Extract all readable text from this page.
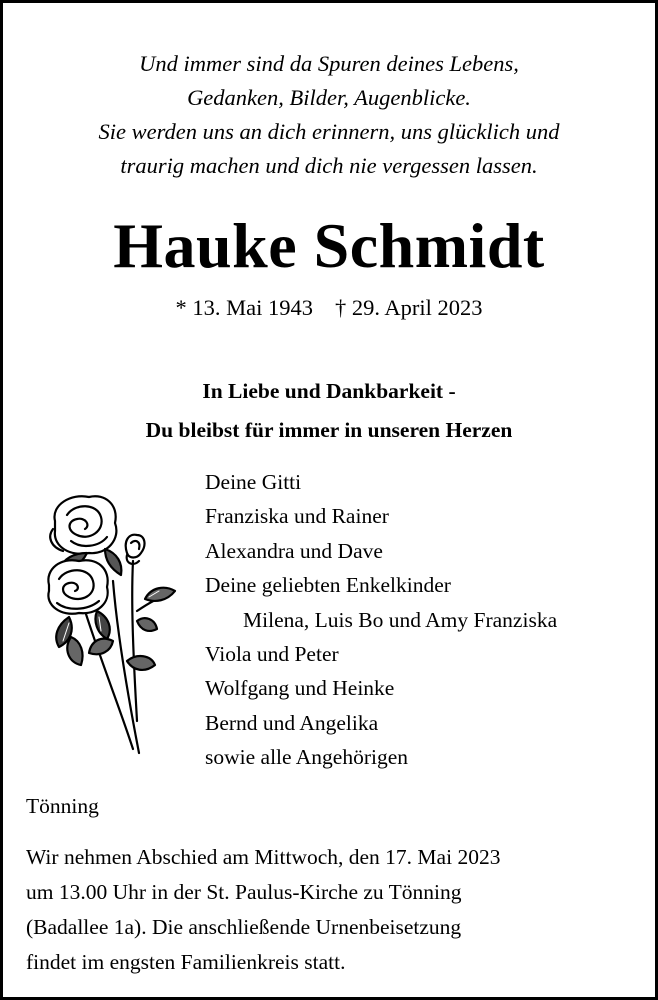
Und immer sind da Spuren deines Lebens,
Gedanken, Bilder, Augenblicke.
Sie werden uns an dich erinnern, uns glücklich und
traurig machen und dich nie vergessen lassen.
Hauke Schmidt
* 13. Mai 1943 † 29. April 2023
In Liebe und Dankbarkeit -
Du bleibst für immer in unseren Herzen
Deine Gitti
Franziska und Rainer
Alexandra und Dave
Deine geliebten Enkelkinder
Milena, Luis Bo und Amy Franziska
Viola und Peter
Wolfgang und Heinke
Bernd und Angelika
sowie alle Angehörigen
Tönning
Wir nehmen Abschied am Mittwoch, den 17. Mai 2023
um 13.00 Uhr in der St. Paulus-Kirche zu Tönning
(Badallee 1a). Die anschließende Urnenbeisetzung
findet im engsten Familienkreis statt.
